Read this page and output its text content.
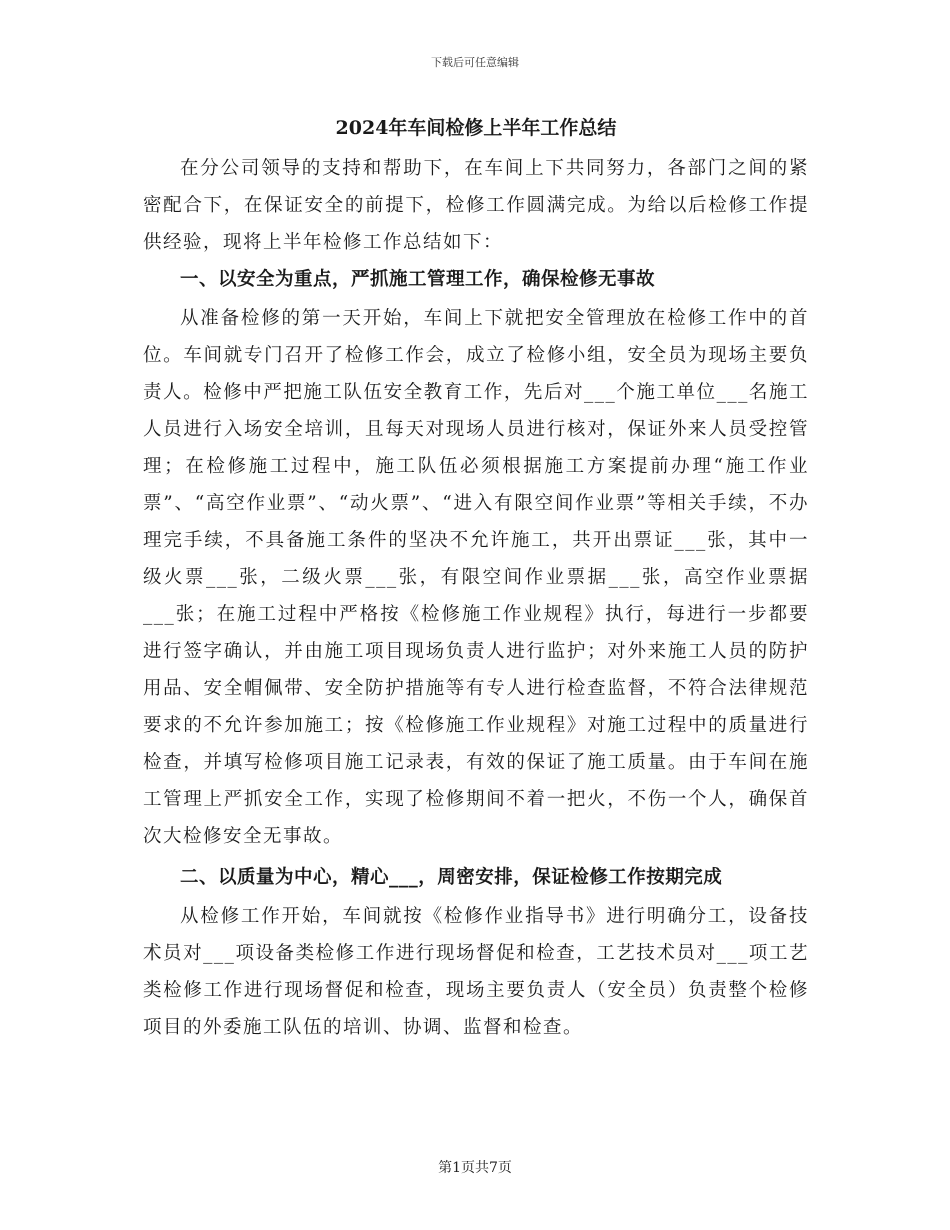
下载后可任意编辑
2024年车间检修上半年工作总结

在分公司领导的支持和帮助下，在车间上下共同努力，各部门之间的紧密配合下，在保证安全的前提下，检修工作圆满完成。为给以后检修工作提供经验，现将上半年检修工作总结如下：

一、以安全为重点，严抓施工管理工作，确保检修无事故

从准备检修的第一天开始，车间上下就把安全管理放在检修工作中的首位。车间就专门召开了检修工作会，成立了检修小组，安全员为现场主要负责人。检修中严把施工队伍安全教育工作，先后对___个施工单位___名施工人员进行入场安全培训，且每天对现场人员进行核对，保证外来人员受控管理；在检修施工过程中，施工队伍必须根据施工方案提前办理“施工作业票”、“高空作业票”、“动火票”、“进入有限空间作业票”等相关手续，不办理完手续，不具备施工条件的坚决不允许施工，共开出票证___张，其中一级火票___张，二级火票___张，有限空间作业票据___张，高空作业票据___张；在施工过程中严格按《检修施工作业规程》执行，每进行一步都要进行签字确认，并由施工项目现场负责人进行监护；对外来施工人员的防护用品、安全帽佩带、安全防护措施等有专人进行检查监督，不符合法律规范要求的不允许参加施工；按《检修施工作业规程》对施工过程中的质量进行检查，并填写检修项目施工记录表，有效的保证了施工质量。由于车间在施工管理上严抓安全工作，实现了检修期间不着一把火，不伤一个人，确保首次大检修安全无事故。

二、以质量为中心，精心___，周密安排，保证检修工作按期完成

从检修工作开始，车间就按《检修作业指导书》进行明确分工，设备技术员对___项设备类检修工作进行现场督促和检查，工艺技术员对___项工艺类检修工作进行现场督促和检查，现场主要负责人（安全员）负责整个检修项目的外委施工队伍的培训、协调、监督和检查。

第1页共7页
